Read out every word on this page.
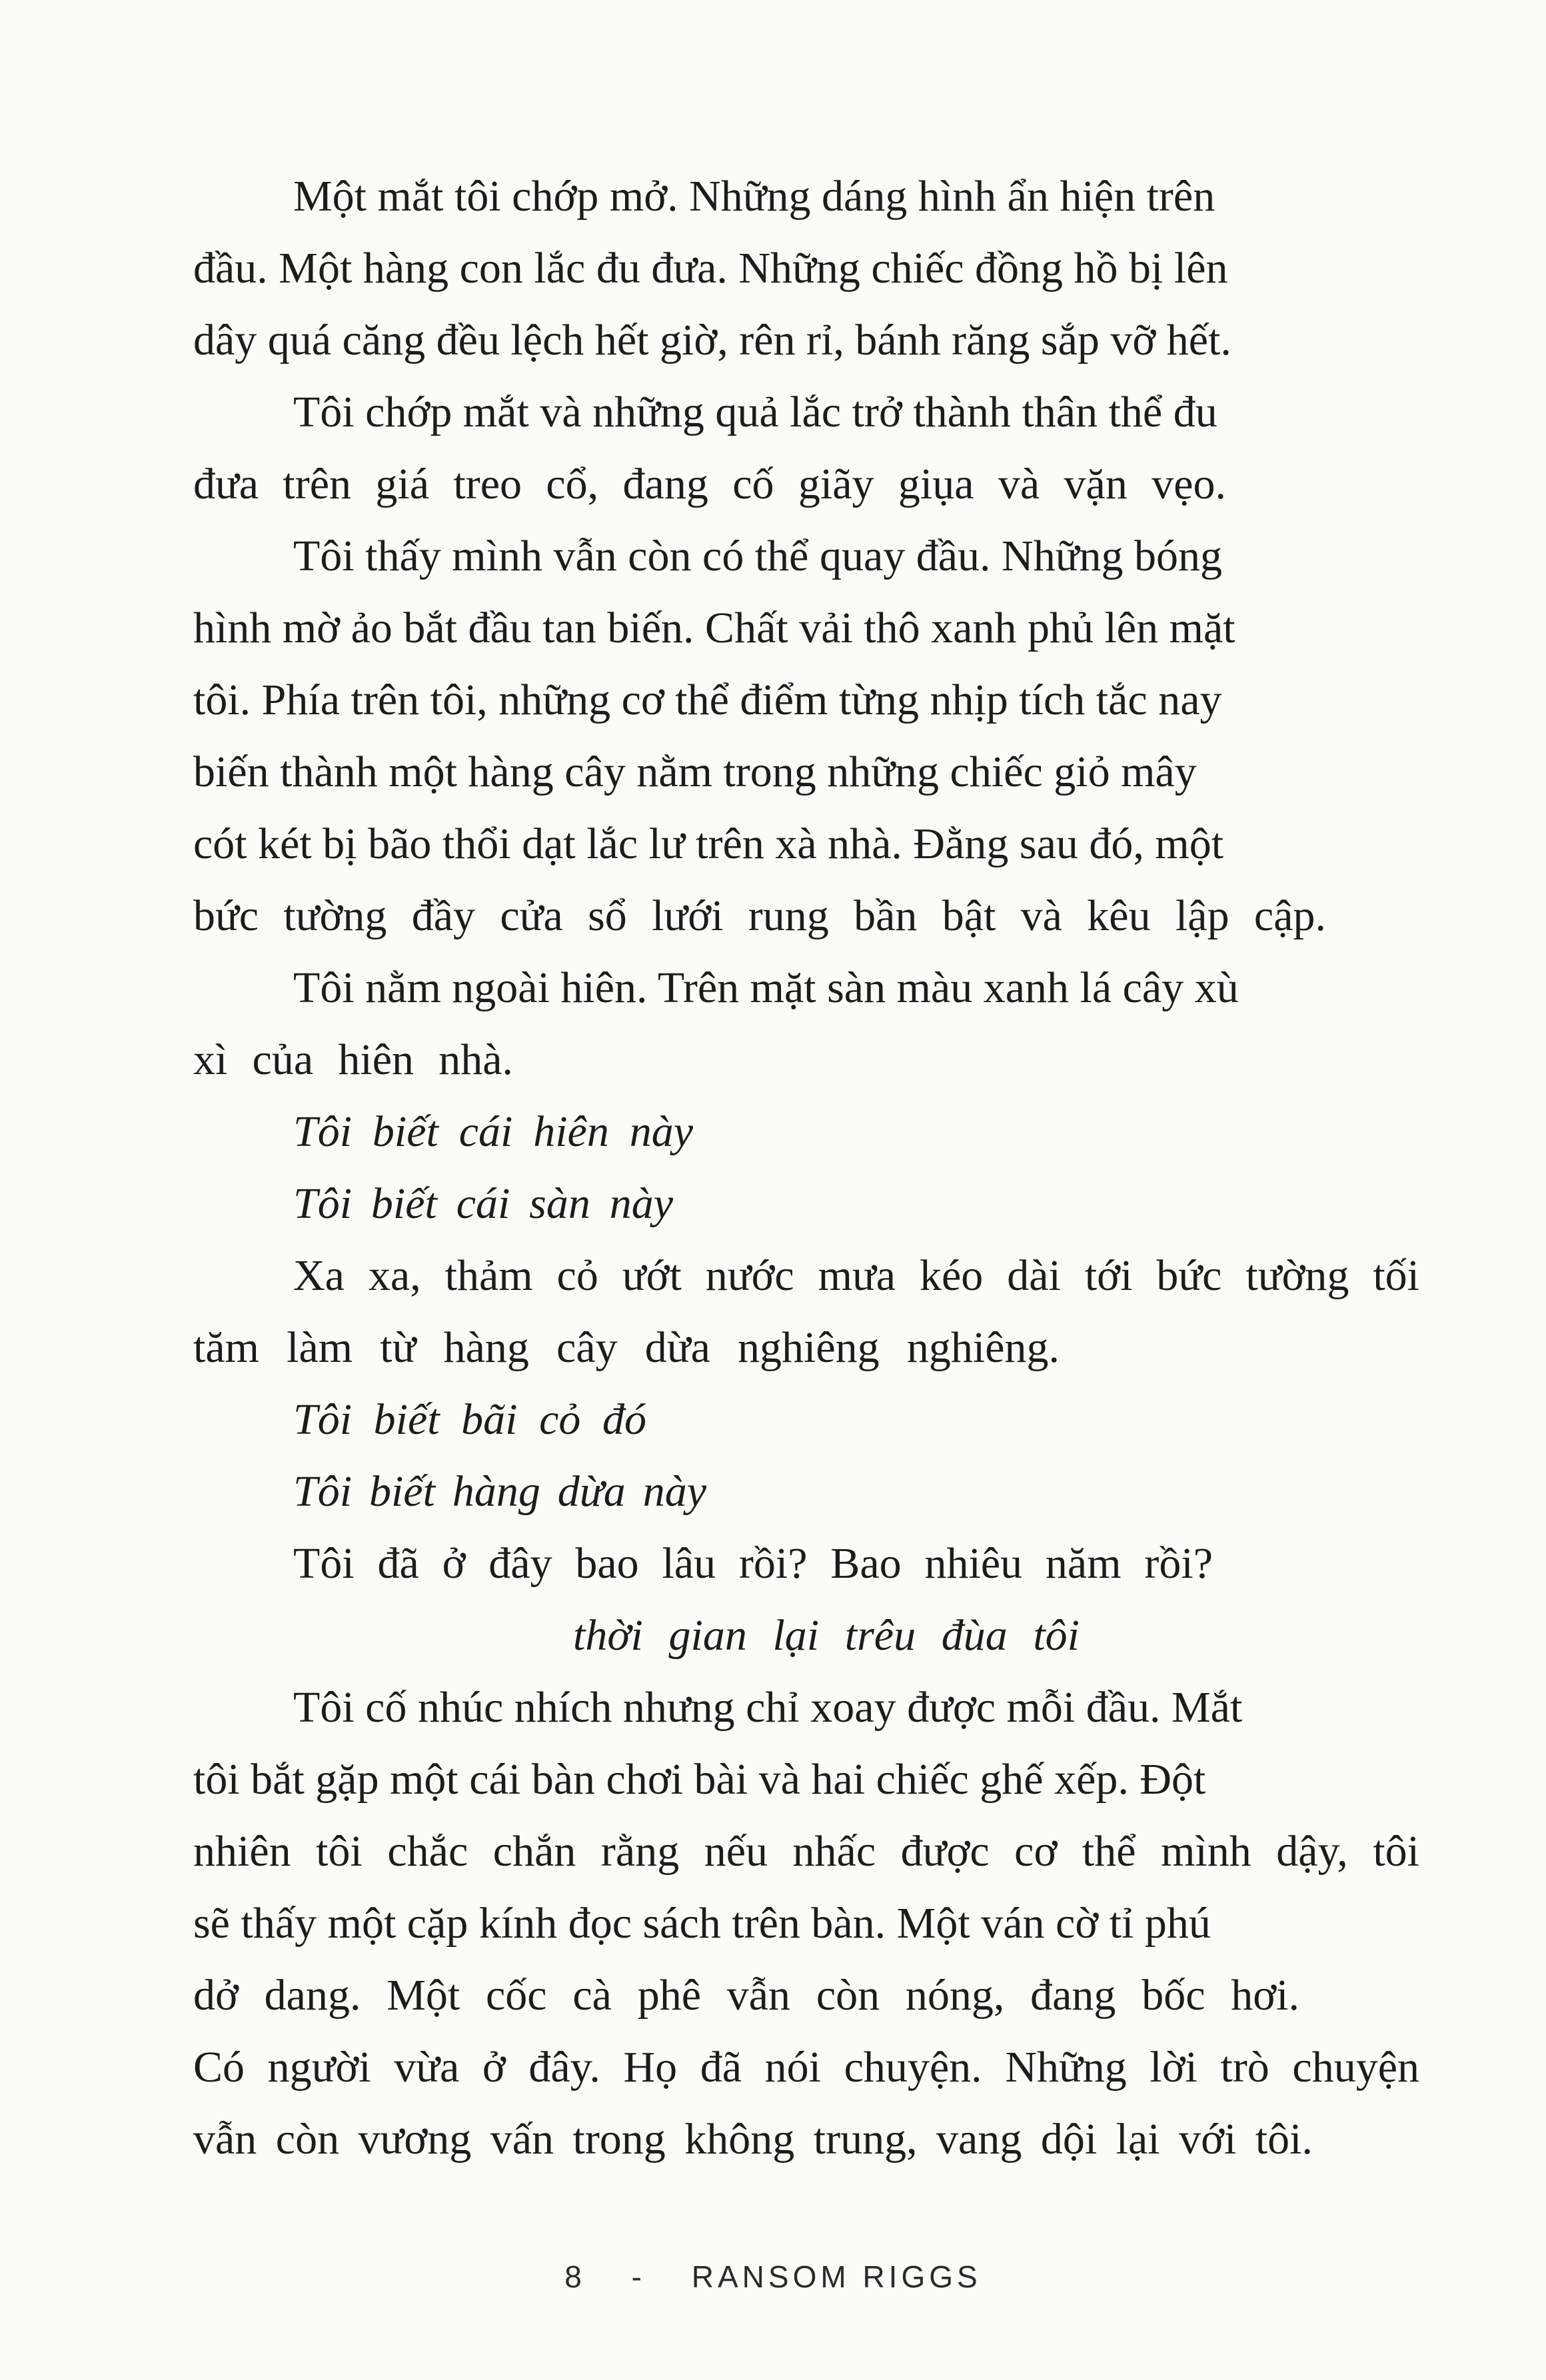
Một mắt tôi chớp mở. Những dáng hình ẩn hiện trên
đầu. Một hàng con lắc đu đưa. Những chiếc đồng hồ bị lên
dây quá căng đều lệch hết giờ, rên rỉ, bánh răng sắp vỡ hết.
Tôi chớp mắt và những quả lắc trở thành thân thể đu
đưa trên giá treo cổ, đang cố giãy giụa và vặn vẹo.
Tôi thấy mình vẫn còn có thể quay đầu. Những bóng
hình mờ ảo bắt đầu tan biến. Chất vải thô xanh phủ lên mặt
tôi. Phía trên tôi, những cơ thể điểm từng nhịp tích tắc nay
biến thành một hàng cây nằm trong những chiếc giỏ mây
cót két bị bão thổi dạt lắc lư trên xà nhà. Đằng sau đó, một
bức tường đầy cửa sổ lưới rung bần bật và kêu lập cập.
Tôi nằm ngoài hiên. Trên mặt sàn màu xanh lá cây xù
xì của hiên nhà.
Tôi biết cái hiên này
Tôi biết cái sàn này
Xa xa, thảm cỏ ướt nước mưa kéo dài tới bức tường tối
tăm làm từ hàng cây dừa nghiêng nghiêng.
Tôi biết bãi cỏ đó
Tôi biết hàng dừa này
Tôi đã ở đây bao lâu rồi? Bao nhiêu năm rồi?
thời gian lại trêu đùa tôi
Tôi cố nhúc nhích nhưng chỉ xoay được mỗi đầu. Mắt
tôi bắt gặp một cái bàn chơi bài và hai chiếc ghế xếp. Đột
nhiên tôi chắc chắn rằng nếu nhấc được cơ thể mình dậy, tôi
sẽ thấy một cặp kính đọc sách trên bàn. Một ván cờ tỉ phú
dở dang. Một cốc cà phê vẫn còn nóng, đang bốc hơi.
Có người vừa ở đây. Họ đã nói chuyện. Những lời trò chuyện
vẫn còn vương vấn trong không trung, vang dội lại với tôi.
8 - RANSOM RIGGS
